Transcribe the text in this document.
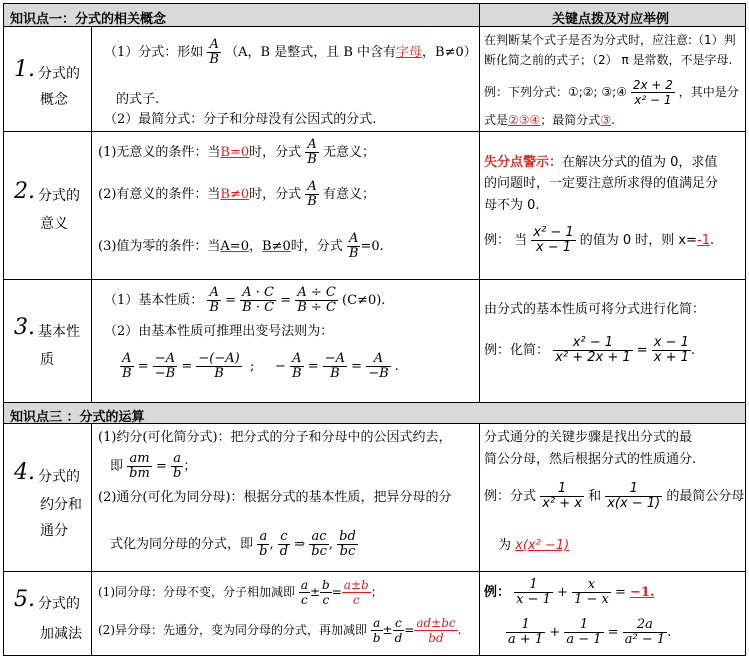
知识点一：分式的相关概念	关键点拨及对应举例
1. 分式的
概念
（1）分式：形如 $\frac{A}{B} (A$，B 是整式，且 B 中含有字母，B≠0）
的式子.
（2）最简分式：分子和分母没有公因式的分式.
在判断某个式子是否为分式时，应注意:（1）判
断化简之前的式子；（2） π 是常数，不是字母.
例：下列分式：①;②; ③;④ $\frac{2x + 2}{\text{x² − 1}}$ ，其中是分
式是②③④；最简分式③.
2. 分式的
意义
(1)无意义的条件：当B=0时，分式 $\frac{A}{B}$ 无意义；
(2)有意义的条件：当B≠0时，分式 $\frac{A}{B}$ 有意义；
(3)值为零的条件：当A=0，B≠0时，分式 $\frac{A}{B} =0$.
失分点警示：在解决分式的值为 0，求值
的问题时，一定要注意所求得的值满足分
母不为 0.
例： 当 $\frac{\text{x² − 1}}{x - 1}$ 的值为 0 时，则 x=-1.
3. 基本性
质
（1）基本性质： $\frac{A}{B} = \frac{A \cdot C}{B \cdot C} = \frac{A \div C}{B \div C} (C\ne 0)$.
（2）由基本性质可推理出变号法则为：
$\frac{A}{B} = \frac{-A}{-B} = \frac{-(-A)}{B}$ ;     − $\frac{A}{B} = \frac{-A}{B} = \frac{A}{-B}$ .
由分式的基本性质可将分式进行化简：
例：化简： $\frac{\text{x² − 1}}{\text{x² + 2x + 1}} = \frac{x - 1}{x + 1}$ .
知识点三 ：分式的运算
4. 分式的
约分和
通分
(1)约分(可化简分式)：把分式的分子和分母中的公因式约去，
即 $\frac{am}{bm} = \frac{a}{b}$ ；
(2)通分(可化为同分母)：根据分式的基本性质，把异分母的分
式化为同分母的分式，即 $\frac{a}{b}$ , $\frac{c}{d}$ ⇒ $\frac{ac}{bc}$ , $\frac{bd}{bc}$
分式通分的关键步骤是找出分式的最
简公分母，然后根据分式的性质通分.
例：分式 $\frac{1}{\text{x² + x}}$ 和 $\frac{1}{x(x - 1)}$ 的最简公分母
为 x(x² −1)
5. 分式的
加减法
(1)同分母：分母不变，分子相加减即 $\frac{a}{c} \pm \frac{b}{c} = \frac{a\pm b}{c}$ ；
(2)异分母：先通分，变为同分母的分式，再加减即 $\frac{a}{b} \pm \frac{c}{d} = \frac{ad\pm bc}{bd}$ .
例： $\frac{1}{x - 1} + \frac{x}{1 - x} = -1$.
$\frac{1}{a + 1} + \frac{1}{a - 1} = \frac{2a}{\text{a² − 1}}$ .
